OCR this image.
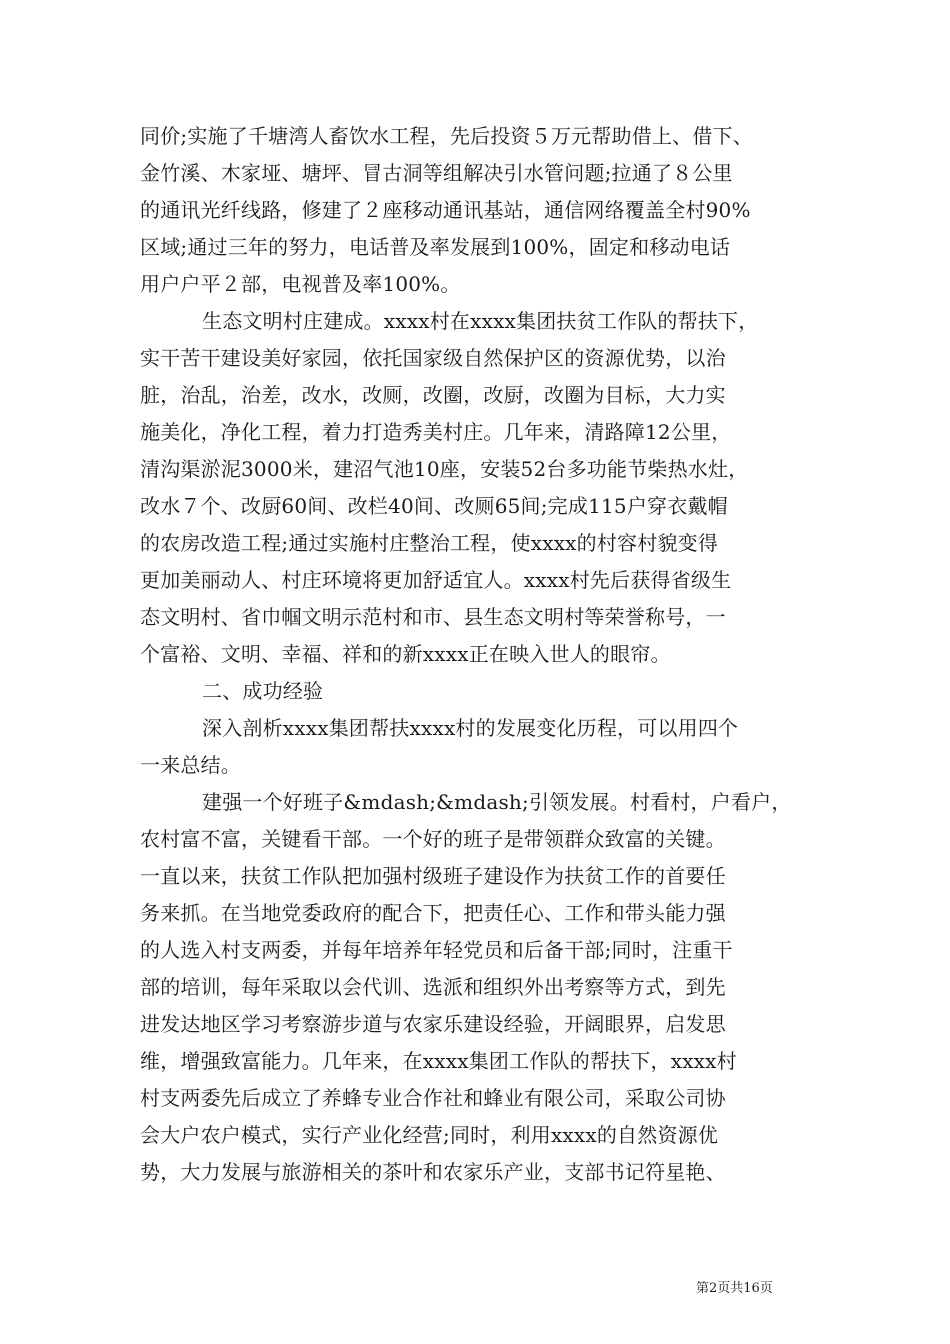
同价;实施了千塘湾人畜饮水工程，先后投资５万元帮助借上、借下、
金竹溪、木家垭、塘坪、冒古洞等组解决引水管问题;拉通了８公里
的通讯光纤线路，修建了２座移动通讯基站，通信网络覆盖全村90%
区域;通过三年的努力，电话普及率发展到100%，固定和移动电话
用户户平２部，电视普及率100%。

生态文明村庄建成。xxxx村在xxxx集团扶贫工作队的帮扶下，
实干苦干建设美好家园，依托国家级自然保护区的资源优势，以治
脏，治乱，治差，改水，改厕，改圈，改厨，改圈为目标，大力实
施美化，净化工程，着力打造秀美村庄。几年来，清路障12公里，
清沟渠淤泥3000米，建沼气池10座，安装52台多功能节柴热水灶，
改水７个、改厨60间、改栏40间、改厕65间;完成115户穿衣戴帽
的农房改造工程;通过实施村庄整治工程，使xxxx的村容村貌变得
更加美丽动人、村庄环境将更加舒适宜人。xxxx村先后获得省级生
态文明村、省巾帼文明示范村和市、县生态文明村等荣誉称号，一
个富裕、文明、幸福、祥和的新xxxx正在映入世人的眼帘。

二、成功经验

深入剖析xxxx集团帮扶xxxx村的发展变化历程，可以用四个
一来总结。

建强一个好班子&mdash;&mdash;引领发展。村看村，户看户，
农村富不富，关键看干部。一个好的班子是带领群众致富的关键。
一直以来，扶贫工作队把加强村级班子建设作为扶贫工作的首要任
务来抓。在当地党委政府的配合下，把责任心、工作和带头能力强
的人选入村支两委，并每年培养年轻党员和后备干部;同时，注重干
部的培训，每年采取以会代训、选派和组织外出考察等方式，到先
进发达地区学习考察游步道与农家乐建设经验，开阔眼界，启发思
维，增强致富能力。几年来，在xxxx集团工作队的帮扶下，xxxx村
村支两委先后成立了养蜂专业合作社和蜂业有限公司，采取公司协
会大户农户模式，实行产业化经营;同时，利用xxxx的自然资源优
势，大力发展与旅游相关的茶叶和农家乐产业，支部书记符星艳、

第2页共16页
